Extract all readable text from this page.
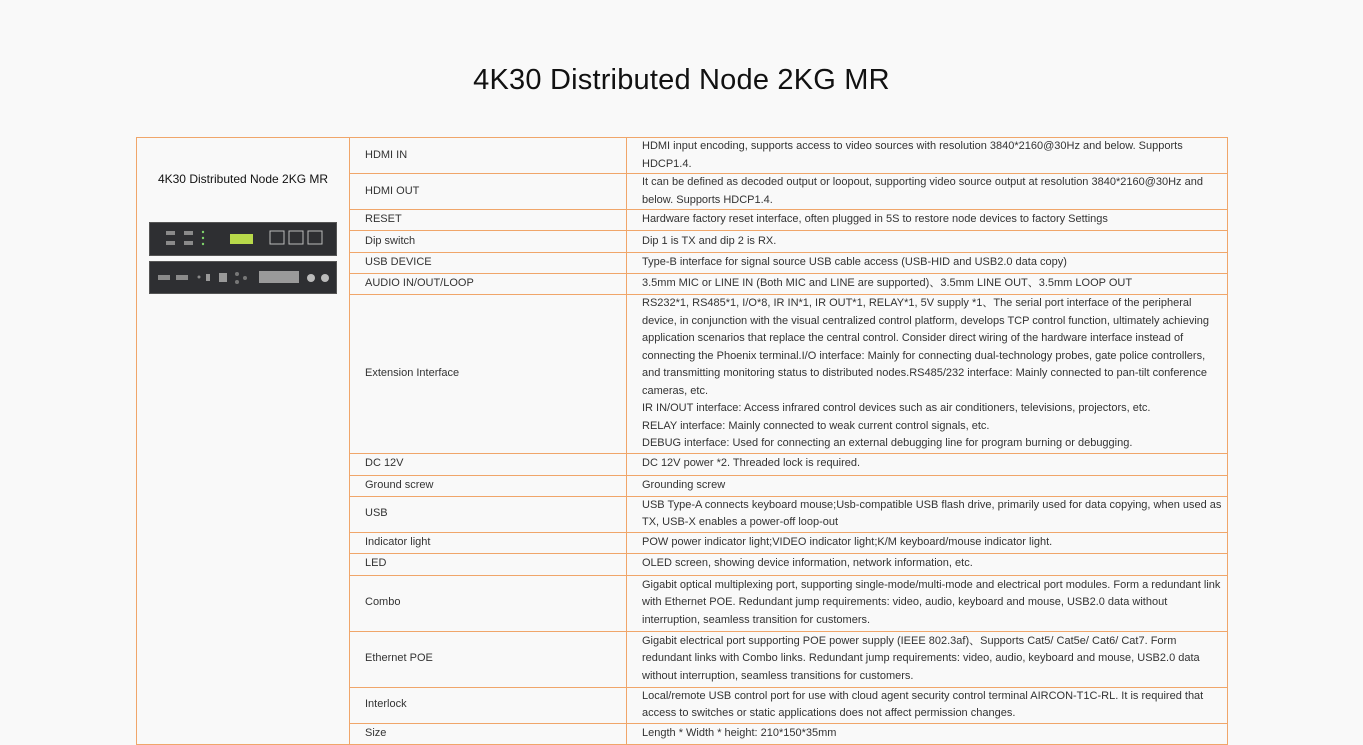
4K30 Distributed Node 2KG MR
4K30 Distributed Node 2KG MR	HDMI IN	HDMI input encoding, supports access to video sources with resolution 3840*2160@30Hz and below. Supports HDCP1.4.
	HDMI OUT	It can be defined as decoded output or loopout, supporting video source output at resolution 3840*2160@30Hz and below. Supports HDCP1.4.
	RESET	Hardware factory reset interface, often plugged in 5S to restore node devices to factory Settings
	Dip switch	Dip 1 is TX and dip 2 is RX.
	USB DEVICE	Type-B interface for signal source USB cable access (USB-HID and USB2.0 data copy)
	AUDIO IN/OUT/LOOP	3.5mm MIC or LINE IN (Both MIC and LINE are supported)、3.5mm LINE OUT、3.5mm LOOP OUT
	Extension Interface	RS232*1, RS485*1, I/O*8, IR IN*1, IR OUT*1, RELAY*1, 5V supply *1、The serial port interface of the peripheral device, in conjunction with the visual centralized control platform, develops TCP control function, ultimately achieving application scenarios that replace the central control. Consider direct wiring of the hardware interface instead of connecting the Phoenix terminal.I/O interface: Mainly for connecting dual-technology probes, gate police controllers, and transmitting monitoring status to distributed nodes.RS485/232 interface: Mainly connected to pan-tilt conference cameras, etc.
IR IN/OUT interface: Access infrared control devices such as air conditioners, televisions, projectors, etc.
RELAY interface: Mainly connected to weak current control signals, etc.
DEBUG interface: Used for connecting an external debugging line for program burning or debugging.

	DC 12V	DC 12V power *2. Threaded lock is required.
	Ground screw	Grounding screw
	USB	USB Type-A connects keyboard mouse;Usb-compatible USB flash drive, primarily used for data copying, when used as TX, USB-X enables a power-off loop-out
	Indicator light	POW power indicator light;VIDEO indicator light;K/M keyboard/mouse indicator light.
	LED	OLED screen, showing device information, network information, etc.
	Combo	Gigabit optical multiplexing port, supporting single-mode/multi-mode and electrical port modules. Form a redundant link with Ethernet POE. Redundant jump requirements: video, audio, keyboard and mouse, USB2.0 data without interruption, seamless transition for customers.
	Ethernet POE	Gigabit electrical port supporting POE power supply (IEEE 802.3af)、Supports Cat5/ Cat5e/ Cat6/ Cat7. Form redundant links with Combo links. Redundant jump requirements: video, audio, keyboard and mouse, USB2.0 data without interruption, seamless transitions for customers.
	Interlock	Local/remote USB control port for use with cloud agent security control terminal AIRCON-T1C-RL. It is required that access to switches or static applications does not affect permission changes.
	Size	Length * Width * height: 210*150*35mm
